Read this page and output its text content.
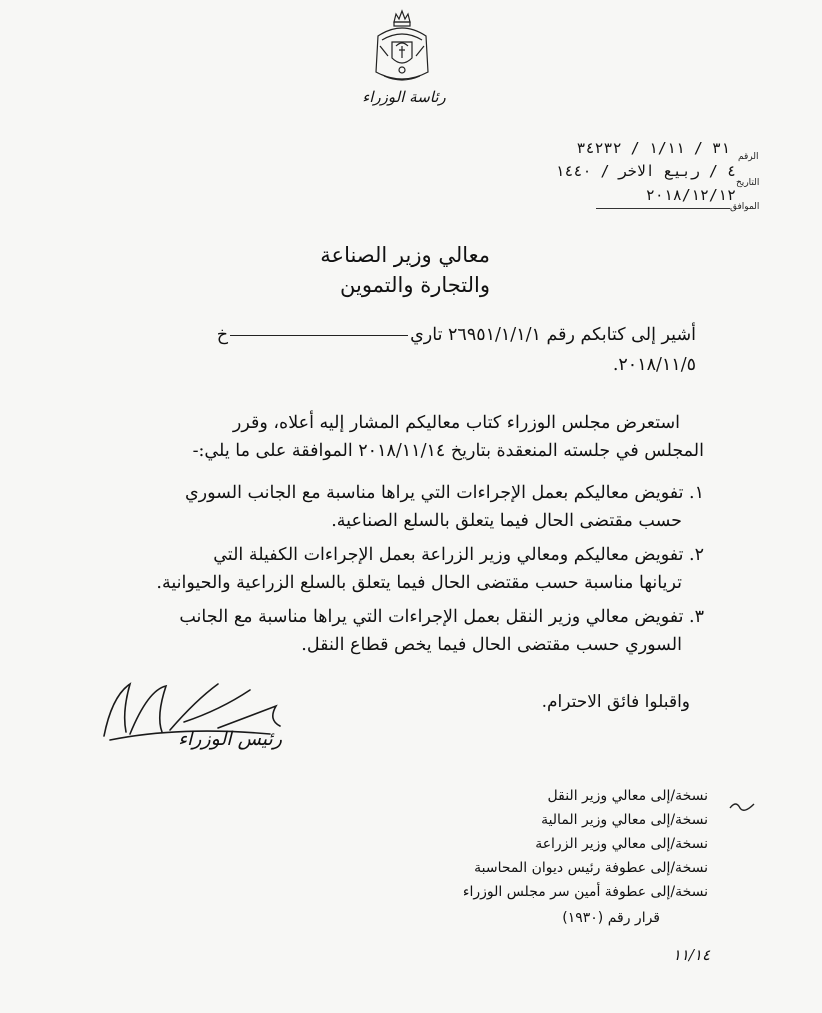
رئاسة الوزراء
الرقم
٣١ / ١/١١ / ٣٤٢٣٢
التاريخ
٤ / ربيع الاخر / ١٤٤٠
الموافق
٢٠١٨/١٢/١٢
معالي وزير الصناعة
والتجارة والتموين
أشير إلى كتابكم رقم ٢٦٩٥١/١/١/١ تاريخ
٢٠١٨/١١/٥.
استعرض مجلس الوزراء كتاب معاليكم المشار إليه أعلاه، وقرر
المجلس في جلسته المنعقدة بتاريخ ٢٠١٨/١١/١٤ الموافقة على ما يلي:-
١. تفويض معاليكم بعمل الإجراءات التي يراها مناسبة مع الجانب السوري
حسب مقتضى الحال فيما يتعلق بالسلع الصناعية.
٢. تفويض معاليكم ومعالي وزير الزراعة بعمل الإجراءات الكفيلة التي
تريانها مناسبة حسب مقتضى الحال فيما يتعلق بالسلع الزراعية والحيوانية.
٣. تفويض معالي وزير النقل بعمل الإجراءات التي يراها مناسبة مع الجانب
السوري حسب مقتضى الحال فيما يخص قطاع النقل.
واقبلوا فائق الاحترام.
رئيس الوزراء
نسخة/إلى معالي وزير النقل
نسخة/إلى معالي وزير المالية
نسخة/إلى معالي وزير الزراعة
نسخة/إلى عطوفة رئيس ديوان المحاسبة
نسخة/إلى عطوفة أمين سر مجلس الوزراء
قرار رقم (١٩٣٠)
١١/١٤
